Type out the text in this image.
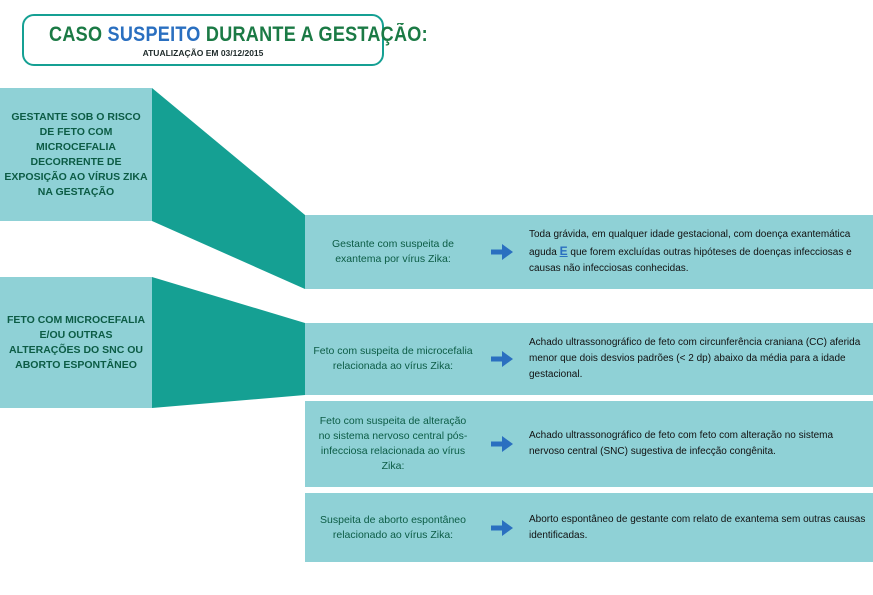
CASO SUSPEITO DURANTE A GESTAÇÃO:
ATUALIZAÇÃO EM 03/12/2015
GESTANTE SOB O RISCO DE FETO COM MICROCEFALIA DECORRENTE DE EXPOSIÇÃO AO VÍRUS ZIKA NA GESTAÇÃO
FETO COM MICROCEFALIA E/OU OUTRAS ALTERAÇÕES DO SNC OU ABORTO ESPONTÂNEO
Gestante com suspeita de exantema por vírus Zika:
Toda grávida, em qualquer idade gestacional, com doença exantemática aguda E que forem excluídas outras hipóteses de doenças infecciosas e causas não infecciosas conhecidas.
Feto com suspeita de microcefalia relacionada ao vírus Zika:
Achado ultrassonográfico de feto com circunferência craniana (CC) aferida menor que dois desvios padrões (< 2 dp) abaixo da média para a idade gestacional.
Feto com suspeita de alteração no sistema nervoso central pós-infecciosa relacionada ao vírus Zika:
Achado ultrassonográfico de feto com feto com alteração no sistema nervoso central (SNC) sugestiva de infecção congênita.
Suspeita de aborto espontâneo relacionado ao vírus Zika:
Aborto espontâneo de gestante com relato de exantema sem outras causas identificadas.
